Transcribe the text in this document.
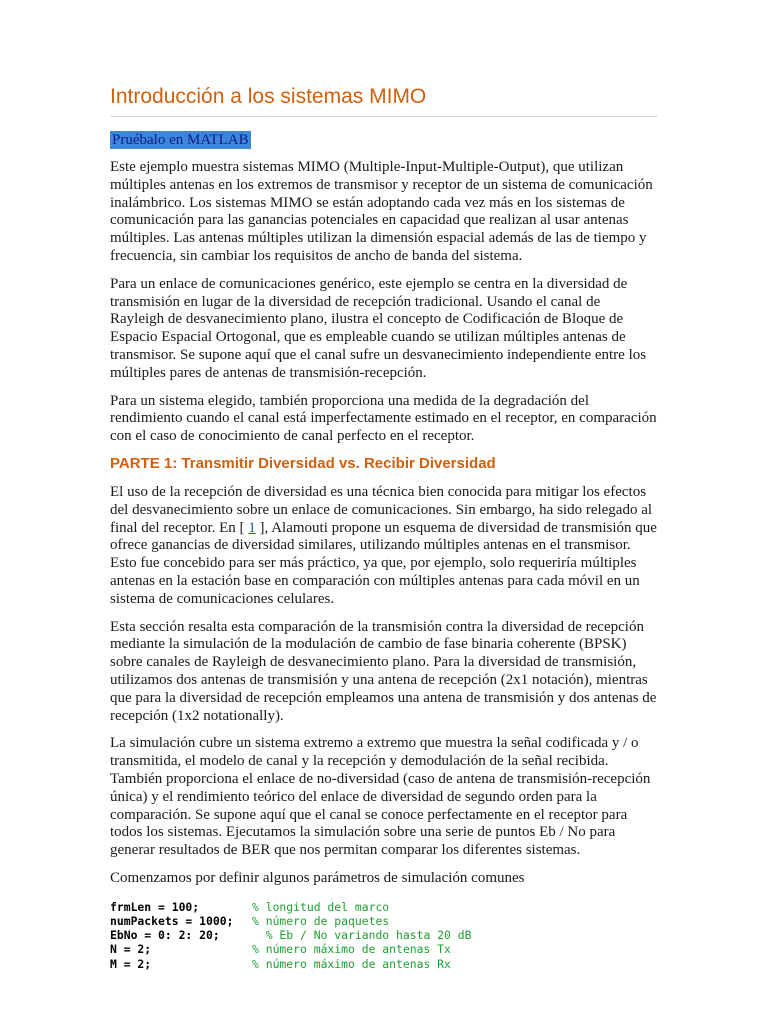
Introducción a los sistemas MIMO
Pruébalo en MATLAB

Este ejemplo muestra sistemas MIMO (Multiple-Input-Multiple-Output), que utilizan múltiples antenas en los extremos de transmisor y receptor de un sistema de comunicación inalámbrico. Los sistemas MIMO se están adoptando cada vez más en los sistemas de comunicación para las ganancias potenciales en capacidad que realizan al usar antenas múltiples. Las antenas múltiples utilizan la dimensión espacial además de las de tiempo y frecuencia, sin cambiar los requisitos de ancho de banda del sistema.

Para un enlace de comunicaciones genérico, este ejemplo se centra en la diversidad de transmisión en lugar de la diversidad de recepción tradicional. Usando el canal de Rayleigh de desvanecimiento plano, ilustra el concepto de Codificación de Bloque de Espacio Espacial Ortogonal, que es empleable cuando se utilizan múltiples antenas de transmisor. Se supone aquí que el canal sufre un desvanecimiento independiente entre los múltiples pares de antenas de transmisión-recepción.

Para un sistema elegido, también proporciona una medida de la degradación del rendimiento cuando el canal está imperfectamente estimado en el receptor, en comparación con el caso de conocimiento de canal perfecto en el receptor.

PARTE 1: Transmitir Diversidad vs. Recibir Diversidad

El uso de la recepción de diversidad es una técnica bien conocida para mitigar los efectos del desvanecimiento sobre un enlace de comunicaciones. Sin embargo, ha sido relegado al final del receptor. En [ 1 ], Alamouti propone un esquema de diversidad de transmisión que ofrece ganancias de diversidad similares, utilizando múltiples antenas en el transmisor. Esto fue concebido para ser más práctico, ya que, por ejemplo, solo requeriría múltiples antenas en la estación base en comparación con múltiples antenas para cada móvil en un sistema de comunicaciones celulares.

Esta sección resalta esta comparación de la transmisión contra la diversidad de recepción mediante la simulación de la modulación de cambio de fase binaria coherente (BPSK) sobre canales de Rayleigh de desvanecimiento plano. Para la diversidad de transmisión, utilizamos dos antenas de transmisión y una antena de recepción (2x1 notación), mientras que para la diversidad de recepción empleamos una antena de transmisión y dos antenas de recepción (1x2 notationally).

La simulación cubre un sistema extremo a extremo que muestra la señal codificada y / o transmitida, el modelo de canal y la recepción y demodulación de la señal recibida. También proporciona el enlace de no-diversidad (caso de antena de transmisión-recepción única) y el rendimiento teórico del enlace de diversidad de segundo orden para la comparación. Se supone aquí que el canal se conoce perfectamente en el receptor para todos los sistemas. Ejecutamos la simulación sobre una serie de puntos Eb / No para generar resultados de BER que nos permitan comparar los diferentes sistemas.

Comenzamos por definir algunos parámetros de simulación comunes

frmLen = 100;	% longitud del marco
numPackets = 1000; % número de paquetes
EbNo = 0: 2: 20;	% Eb / No variando hasta 20 dB
N = 2;	% número máximo de antenas Tx
M = 2;	% número máximo de antenas Rx
